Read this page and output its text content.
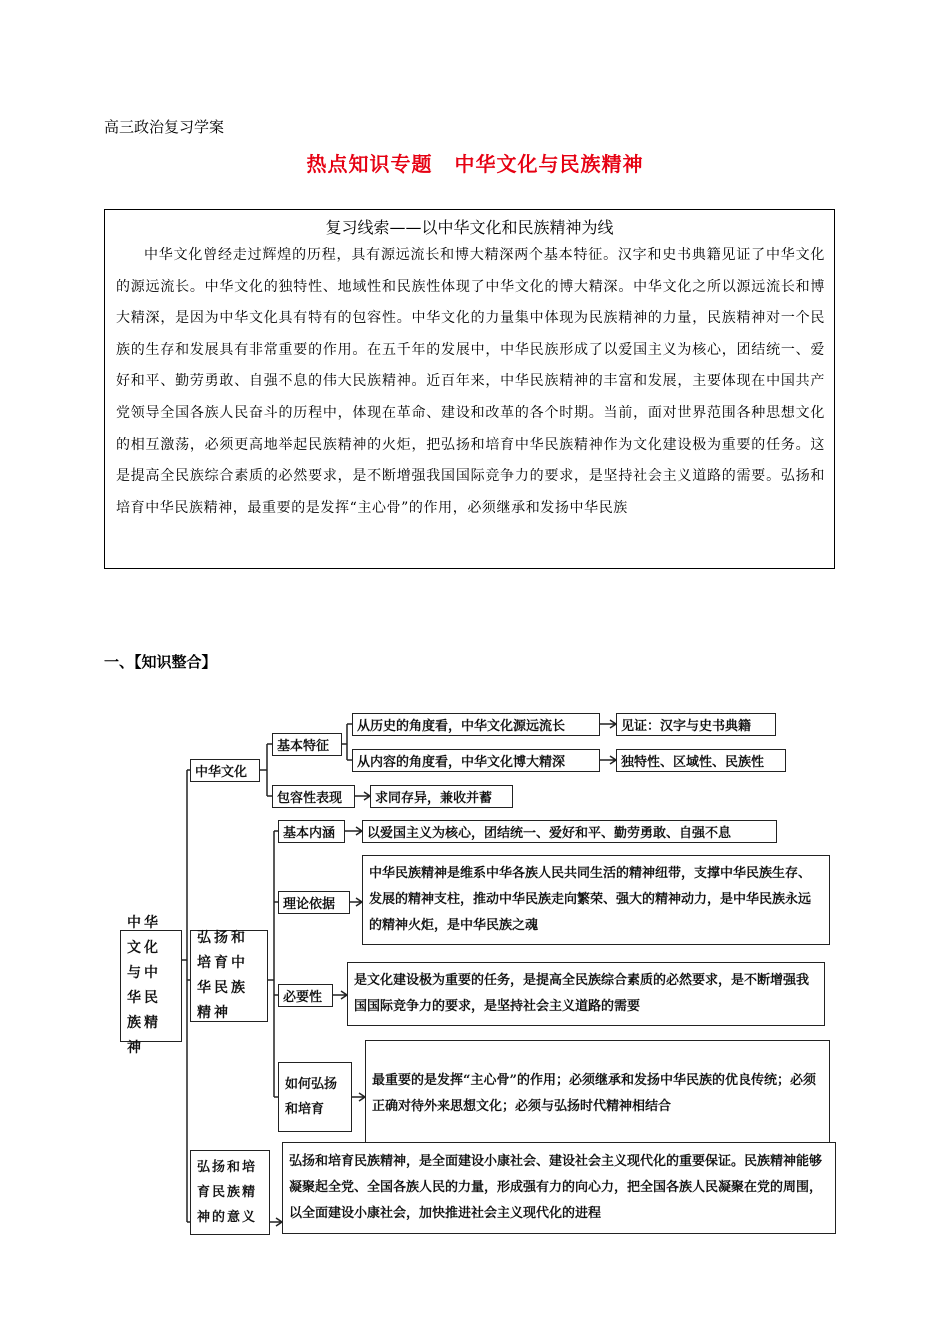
高三政治复习学案
热点知识专题 中华文化与民族精神
复习线索——以中华文化和民族精神为线
中华文化曾经走过辉煌的历程，具有源远流长和博大精深两个基本特征。汉字和史书典籍见证了中华文化的源远流长。中华文化的独特性、地域性和民族性体现了中华文化的博大精深。中华文化之所以源远流长和博大精深，是因为中华文化具有特有的包容性。中华文化的力量集中体现为民族精神的力量，民族精神对一个民族的生存和发展具有非常重要的作用。在五千年的发展中，中华民族形成了以爱国主义为核心，团结统一、爱好和平、勤劳勇敢、自强不息的伟大民族精神。近百年来，中华民族精神的丰富和发展，主要体现在中国共产党领导全国各族人民奋斗的历程中，体现在革命、建设和改革的各个时期。当前，面对世界范围各种思想文化的相互激荡，必须更高地举起民族精神的火炬，把弘扬和培育中华民族精神作为文化建设极为重要的任务。这是提高全民族综合素质的必然要求，是不断增强我国国际竞争力的要求，是坚持社会主义道路的需要。弘扬和培育中华民族精神，最重要的是发挥“主心骨”的作用，必须继承和发扬中华民族
一、【知识整合】
中华文化与中华民族精神
中华文化
基本特征
从历史的角度看，中华文化源远流长	见证：汉字与史书典籍
从内容的角度看，中华文化博大精深	独特性、区域性、民族性
包容性表现	求同存异，兼收并蓄
弘扬和培育中华民族精神
基本内涵	以爱国主义为核心，团结统一、爱好和平、勤劳勇敢、自强不息
理论依据
中华民族精神是维系中华各族人民共同生活的精神纽带，支撑中华民族生存、发展的精神支柱，推动中华民族走向繁荣、强大的精神动力，是中华民族永远的精神火炬，是中华民族之魂
必要性
是文化建设极为重要的任务，是提高全民族综合素质的必然要求，是不断增强我国国际竞争力的要求，是坚持社会主义道路的需要
如何弘扬和培育
最重要的是发挥“主心骨”的作用；必须继承和发扬中华民族的优良传统；必须正确对待外来思想文化；必须与弘扬时代精神相结合
弘扬和培育民族精神的意义
弘扬和培育民族精神，是全面建设小康社会、建设社会主义现代化的重要保证。民族精神能够凝聚起全党、全国各族人民的力量，形成强有力的向心力，把全国各族人民凝聚在党的周围，以全面建设小康社会，加快推进社会主义现代化的进程
